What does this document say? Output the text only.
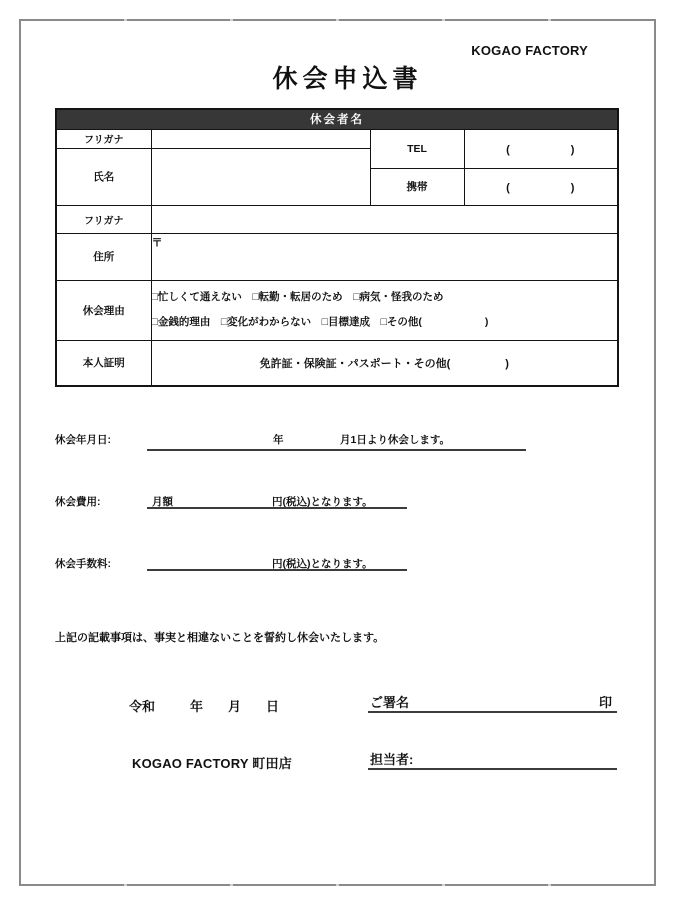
KOGAO FACTORY
休会申込書
休会者名			
フリガナ		TEL	(　　　　　)
氏名			
		携帯	(　　　　　)
フリガナ			
住所	〒		
休会理由	□忙しくて通えない　□転勤・転居のため　□病気・怪我のため
□金銭的理由　□変化がわからない　□目標達成　□その他(　　　　　　)		

本人証明	免許証・保険証・パスポート・その他(　　　　　)		
休会年月日:	年	月1日より休会します。
休会費用:	月額	円(税込)となります。
休会手数料:	円(税込)となります。
上記の記載事項は、事実と相違ないことを誓約し休会いたします。
令和	年 月 日	ご署名	印
KOGAO FACTORY 町田店	担当者:
